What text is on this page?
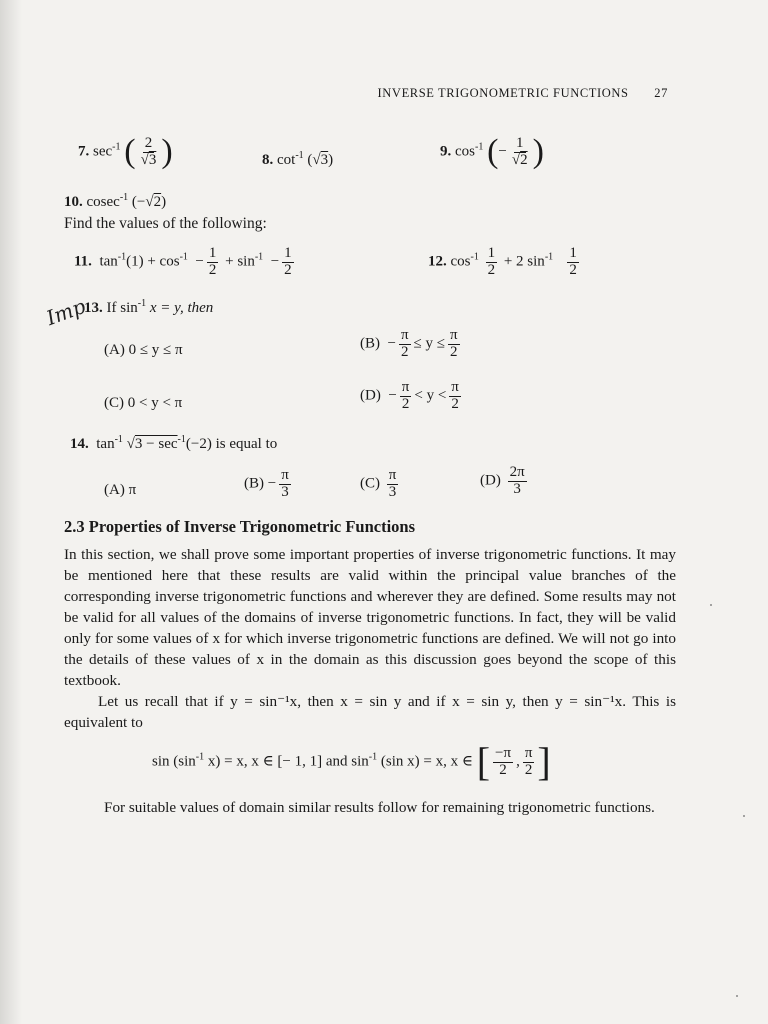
INVERSE TRIGONOMETRIC FUNCTIONS 27
7. $\sec^{-1}$ ( $\frac{2}{√3}$ )	8. $\cot^{-1} (√3)$
9. $\cos^{-1}$ (− $\frac{1}{√2}$ )
10. cosec$^{-1}$ (−√2)
Find the values of the following:
11. $\tan^{-1}(1) + \cos^{-1} - \frac{1}{2} + \sin^{-1} - \frac{1}{2}$	12. $\cos^{-1} \frac{1}{2} + 2$ $\sin^{-1} \frac{1}{2}$
Imp
13. If $\sin^{-1} x = y$, then
(A) 0 ≤ y ≤ π	$(B) - \frac{\pi}{2} \le y \le \frac{\pi}{2}$
(C) 0 < y < π	$(D) - \frac{\pi}{2} < y < \frac{\pi}{2}$
14. $\tan^{-1} √3 - \sec^{-1}(-2)$ is equal to
(A) π	$(B) - \frac{\pi}{3}$	$(C) \frac{\pi}{3}$	$(D) \frac{2\pi}{3}$
2.3 Properties of Inverse Trigonometric Functions

In this section, we shall prove some important properties of inverse trigonometric functions. It may be mentioned here that these results are valid within the principal value branches of the corresponding inverse trigonometric functions and wherever they are defined. Some results may not be valid for all values of the domains of inverse trigonometric functions. In fact, they will be valid only for some values of x for which inverse trigonometric functions are defined. We will not go into the details of these values of x in the domain as this discussion goes beyond the scope of this textbook.

Let us recall that if y = sin⁻¹x, then x = sin y and if x = sin y, then y = sin⁻¹x. This is equivalent to

$\sin (\sin^{-1}$ x) = x, x ∈ [− 1, 1] and $\sin^{-1} (\sin$ x) = x, x ∈ [ $\frac{-\pi}{2}$ , $\frac{\pi}{2}$ ]

For suitable values of domain similar results follow for remaining trigonometric functions.
